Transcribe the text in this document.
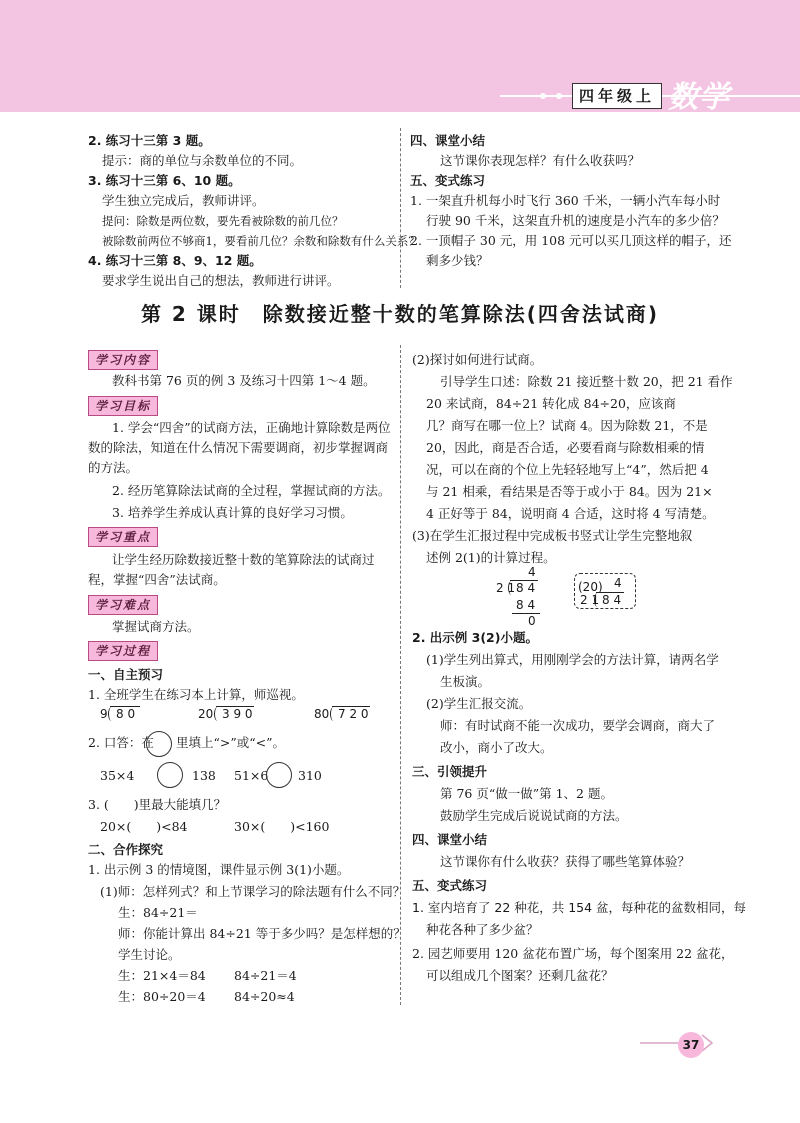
四年级上 数学
2. 练习十三第 3 题。
提示：商的单位与余数单位的不同。
3. 练习十三第 6、10 题。
学生独立完成后，教师讲评。
提问：除数是两位数，要先看被除数的前几位？
被除数前两位不够商1，要看前几位？余数和除数有什么关系？
4. 练习十三第 8、9、12 题。
要求学生说出自己的想法，教师进行讲评。
四、课堂小结
这节课你表现怎样？有什么收获吗？
五、变式练习
1. 一架直升机每小时飞行 360 千米，一辆小汽车每小时
行驶 90 千米，这架直升机的速度是小汽车的多少倍？
2. 一顶帽子 30 元，用 108 元可以买几顶这样的帽子，还
剩多少钱？
第 2 课时　除数接近整十数的笔算除法(四舍法试商)
学习内容
教科书第 76 页的例 3 及练习十四第 1～4 题。
学习目标
1. 学会“四舍”的试商方法，正确地计算除数是两位
数的除法，知道在什么情况下需要调商，初步掌握调商
的方法。
2. 经历笔算除法试商的全过程，掌握试商的方法。
3. 培养学生养成认真计算的良好学习习惯。
学习重点
让学生经历除数接近整十数的笔算除法的试商过
程，掌握“四舍”法试商。
学习难点
掌握试商方法。
学习过程
一、自主预习
1. 全班学生在练习本上计算，师巡视。
9 8 0	20 3 9 0	80 7 2 0
2. 口答：在 里填上“>”或“<”。
35×4	138 51×6 310
3. (　　)里最大能填几？
20×(　　)<84	30×(　　)<160
二、合作探究
1. 出示例 3 的情境图，课件显示例 3(1)小题。
(1)师：怎样列式？和上节课学习的除法题有什么不同？
生：84÷21＝
师：你能计算出 84÷21 等于多少吗？是怎样想的？
学生讨论。
生：21×4＝84 84÷21＝4
生：80÷20＝4 84÷20≈4
(2)探讨如何进行试商。
引导学生口述：除数 21 接近整十数 20，把 21 看作
20 来试商，84÷21 转化成 84÷20，应该商
几？商写在哪一位上？试商 4。因为除数 21，不是
20，因此，商是否合适，必要看商与除数相乘的情
况，可以在商的个位上先轻轻地写上“4”，然后把 4
与 21 相乘，看结果是否等于或小于 84。因为 21×
4 正好等于 84，说明商 4 合适，这时将 4 写清楚。
(3)在学生汇报过程中完成板书竖式让学生完整地叙
述例 2(1)的计算过程。
4
2 1 8 4
8 4
0
(20) 4
2 1 8 4
2. 出示例 3(2)小题。
(1)学生列出算式，用刚刚学会的方法计算，请两名学
生板演。
(2)学生汇报交流。
师：有时试商不能一次成功，要学会调商，商大了
改小，商小了改大。
三、引领提升
第 76 页“做一做”第 1、2 题。
鼓励学生完成后说说试商的方法。
四、课堂小结
这节课你有什么收获？获得了哪些笔算体验？
五、变式练习
1. 室内培育了 22 种花，共 154 盆，每种花的盆数相同，每
种花各种了多少盆？
2. 园艺师要用 120 盆花布置广场，每个图案用 22 盆花，
可以组成几个图案？还剩几盆花？
37
